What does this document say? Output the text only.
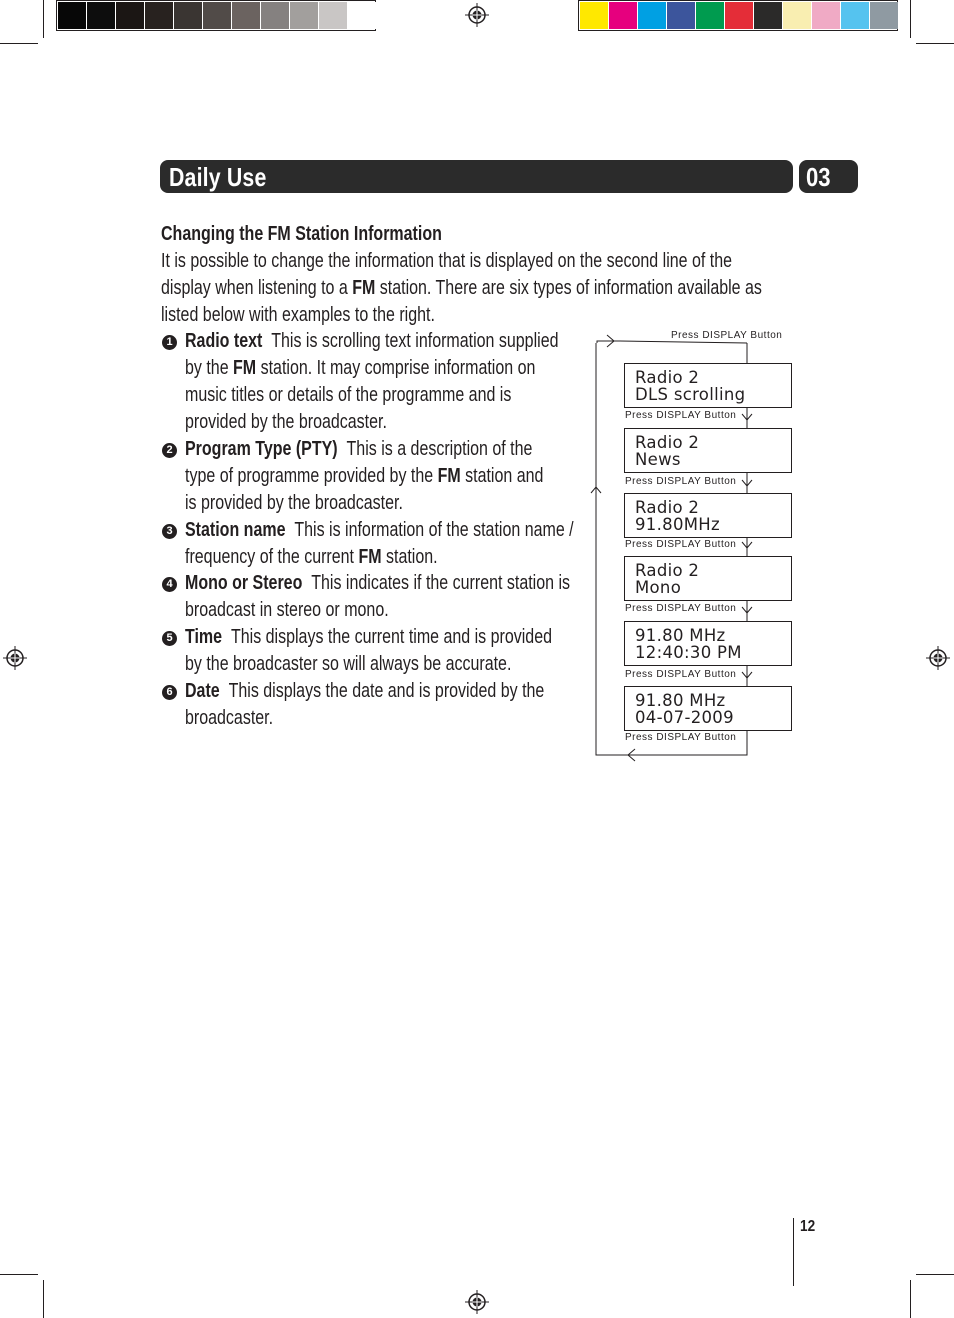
Daily Use	03
Changing the FM Station Information
It is possible to change the information that is displayed on the second line of the
display when listening to a FM station. There are six types of information available as
listed below with examples to the right.
1 Radio text This is scrolling text information supplied
by the FM station. It may comprise information on
music titles or details of the programme and is
provided by the broadcaster.
2 Program Type (PTY) This is a description of the
type of programme provided by the FM station and
is provided by the broadcaster.
3 Station name This is information of the station name /
frequency of the current FM station.
4 Mono or Stereo This indicates if the current station is
broadcast in stereo or mono.
5 Time This displays the current time and is provided
by the broadcaster so will always be accurate.
6 Date This displays the date and is provided by the
broadcaster.
Press DISPLAY Button
Radio 2
DLS scrolling
Press DISPLAY Button
Radio 2
News
Press DISPLAY Button
Radio 2
91.80MHz
Press DISPLAY Button
Radio 2
Mono
Press DISPLAY Button
91.80 MHz
12:40:30 PM
Press DISPLAY Button
91.80 MHz
04-07-2009
Press DISPLAY Button
12
